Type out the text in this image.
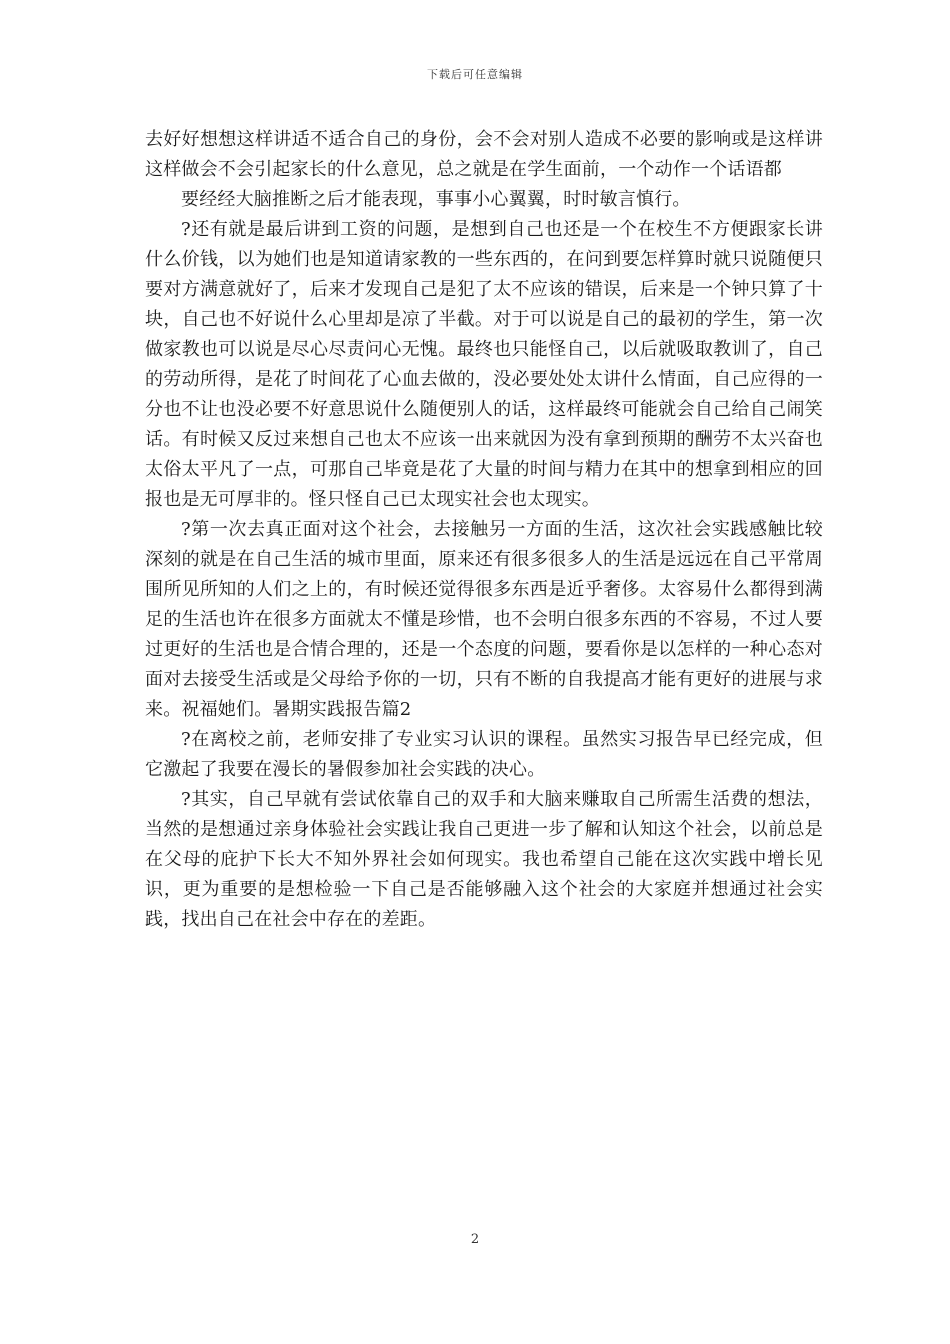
下载后可任意编辑

去好好想想这样讲适不适合自己的身份，会不会对别人造成不必要的影响或是这样讲这样做会不会引起家长的什么意见，总之就是在学生面前，一个动作一个话语都

要经经大脑推断之后才能表现，事事小心翼翼，时时敏言慎行。

?还有就是最后讲到工资的问题，是想到自己也还是一个在校生不方便跟家长讲什么价钱，以为她们也是知道请家教的一些东西的，在问到要怎样算时就只说随便只要对方满意就好了，后来才发现自己是犯了太不应该的错误，后来是一个钟只算了十块，自己也不好说什么心里却是凉了半截。对于可以说是自己的最初的学生，第一次做家教也可以说是尽心尽责问心无愧。最终也只能怪自己，以后就吸取教训了，自己的劳动所得，是花了时间花了心血去做的，没必要处处太讲什么情面，自己应得的一分也不让也没必要不好意思说什么随便别人的话，这样最终可能就会自己给自己闹笑话。有时候又反过来想自己也太不应该一出来就因为没有拿到预期的酬劳不太兴奋也太俗太平凡了一点，可那自己毕竟是花了大量的时间与精力在其中的想拿到相应的回报也是无可厚非的。怪只怪自己已太现实社会也太现实。

?第一次去真正面对这个社会，去接触另一方面的生活，这次社会实践感触比较深刻的就是在自己生活的城市里面，原来还有很多很多人的生活是远远在自己平常周围所见所知的人们之上的，有时候还觉得很多东西是近乎奢侈。太容易什么都得到满足的生活也许在很多方面就太不懂是珍惜，也不会明白很多东西的不容易，不过人要过更好的生活也是合情合理的，还是一个态度的问题，要看你是以怎样的一种心态对面对去接受生活或是父母给予你的一切，只有不断的自我提高才能有更好的进展与求来。祝福她们。暑期实践报告篇2

?在离校之前，老师安排了专业实习认识的课程。虽然实习报告早已经完成，但它激起了我要在漫长的暑假参加社会实践的决心。

?其实，自己早就有尝试依靠自己的双手和大脑来赚取自己所需生活费的想法，当然的是想通过亲身体验社会实践让我自己更进一步了解和认知这个社会，以前总是在父母的庇护下长大不知外界社会如何现实。我也希望自己能在这次实践中增长见识，更为重要的是想检验一下自己是否能够融入这个社会的大家庭并想通过社会实践，找出自己在社会中存在的差距。

2
